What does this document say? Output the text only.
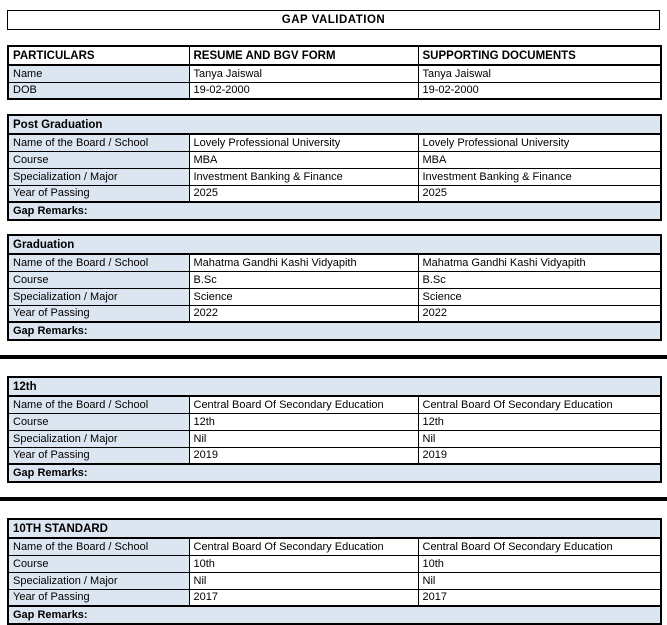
GAP VALIDATION
PARTICULARS	RESUME AND BGV FORM	SUPPORTING DOCUMENTS
Name	Tanya Jaiswal	Tanya Jaiswal
DOB	19-02-2000	19-02-2000
Post Graduation		
Name of the Board / School	Lovely Professional University	Lovely Professional University
Course	MBA	MBA
Specialization / Major	Investment Banking & Finance	Investment Banking & Finance
Year of Passing	2025	2025
Gap Remarks:		
Graduation		
Name of the Board / School	Mahatma Gandhi Kashi Vidyapith	Mahatma Gandhi Kashi Vidyapith
Course	B.Sc	B.Sc
Specialization / Major	Science	Science
Year of Passing	2022	2022
Gap Remarks:		
12th		
Name of the Board / School	Central Board Of Secondary Education	Central Board Of Secondary Education
Course	12th	12th
Specialization / Major	Nil	Nil
Year of Passing	2019	2019
Gap Remarks:		
10TH STANDARD		
Name of the Board / School	Central Board Of Secondary Education	Central Board Of Secondary Education
Course	10th	10th
Specialization / Major	Nil	Nil
Year of Passing	2017	2017
Gap Remarks:		
